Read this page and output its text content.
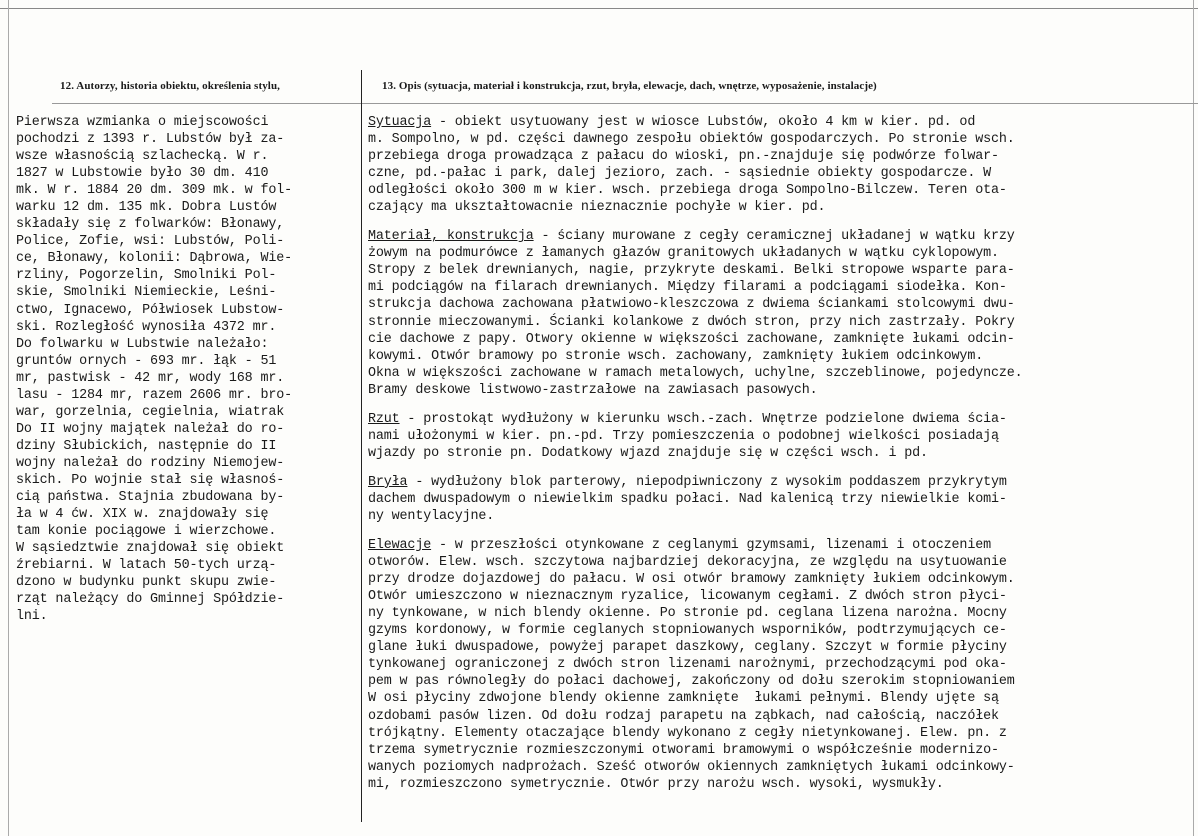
12. Autorzy, historia obiektu, określenia stylu,	13. Opis (sytuacja, materiał i konstrukcja, rzut, bryła, elewacje, dach, wnętrze, wyposażenie, instalacje)
Pierwsza wzmianka o miejscowości
pochodzi z 1393 r. Lubstów był za-
wsze własnością szlachecką. W r.
1827 w Lubstowie było 30 dm. 410
mk. W r. 1884 20 dm. 309 mk. w fol-
warku 12 dm. 135 mk. Dobra Lustów
składały się z folwarków: Błonawy,
Police, Zofie, wsi: Lubstów, Poli-
ce, Błonawy, kolonii: Dąbrowa, Wie-
rzliny, Pogorzelin, Smolniki Pol-
skie, Smolniki Niemieckie, Leśni-
ctwo, Ignacewo, Półwiosek Lubstow-
ski. Rozległość wynosiła 4372 mr.
Do folwarku w Lubstwie należało:
gruntów ornych - 693 mr. łąk - 51
mr, pastwisk - 42 mr, wody 168 mr.
lasu - 1284 mr, razem 2606 mr. bro-
war, gorzelnia, cegielnia, wiatrak
Do II wojny majątek należał do ro-
dziny Słubickich, następnie do II
wojny należał do rodziny Niemojew-
skich. Po wojnie stał się własnoś-
cią państwa. Stajnia zbudowana by-
ła w 4 ćw. XIX w. znajdowały się
tam konie pociągowe i wierzchowe.
W sąsiedztwie znajdował się obiekt
źrebiarni. W latach 50-tych urzą-
dzono w budynku punkt skupu zwie-
rząt należący do Gminnej Spółdzie-
lni.
Sytuacja - obiekt usytuowany jest w wiosce Lubstów, około 4 km w kier. pd. od
m. Sompolno, w pd. części dawnego zespołu obiektów gospodarczych. Po stronie wsch.
przebiega droga prowadząca z pałacu do wioski, pn.-znajduje się podwórze folwar-
czne, pd.-pałac i park, dalej jezioro, zach. - sąsiednie obiekty gospodarcze. W
odległości około 300 m w kier. wsch. przebiega droga Sompolno-Bilczew. Teren ota-
czający ma ukształtowacnie nieznacznie pochyłe w kier. pd.
Materiał, konstrukcja - ściany murowane z cegły ceramicznej układanej w wątku krzy
żowym na podmurówce z łamanych głazów granitowych układanych w wątku cyklopowym.
Stropy z belek drewnianych, nagie, przykryte deskami. Belki stropowe wsparte para-
mi podciągów na filarach drewnianych. Między filarami a podciągami siodełka. Kon-
strukcja dachowa zachowana płatwiowo-kleszczowa z dwiema ściankami stolcowymi dwu-
stronnie mieczowanymi. Ścianki kolankowe z dwóch stron, przy nich zastrzały. Pokry
cie dachowe z papy. Otwory okienne w większości zachowane, zamknięte łukami odcin-
kowymi. Otwór bramowy po stronie wsch. zachowany, zamknięty łukiem odcinkowym.
Okna w większości zachowane w ramach metalowych, uchylne, szczeblinowe, pojedyncze.
Bramy deskowe listwowo-zastrzałowe na zawiasach pasowych.
Rzut - prostokąt wydłużony w kierunku wsch.-zach. Wnętrze podzielone dwiema ścia-
nami ułożonymi w kier. pn.-pd. Trzy pomieszczenia o podobnej wielkości posiadają
wjazdy po stronie pn. Dodatkowy wjazd znajduje się w części wsch. i pd.
Bryła - wydłużony blok parterowy, niepodpiwniczony z wysokim poddaszem przykrytym
dachem dwuspadowym o niewielkim spadku połaci. Nad kalenicą trzy niewielkie komi-
ny wentylacyjne.
Elewacje - w przeszłości otynkowane z ceglanymi gzymsami, lizenami i otoczeniem
otworów. Elew. wsch. szczytowa najbardziej dekoracyjna, ze względu na usytuowanie
przy drodze dojazdowej do pałacu. W osi otwór bramowy zamknięty łukiem odcinkowym.
Otwór umieszczono w nieznacznym ryzalice, licowanym cegłami. Z dwóch stron płyci-
ny tynkowane, w nich blendy okienne. Po stronie pd. ceglana lizena narożna. Mocny
gzyms kordonowy, w formie ceglanych stopniowanych wsporników, podtrzymujących ce-
glane łuki dwuspadowe, powyżej parapet daszkowy, ceglany. Szczyt w formie płyciny
tynkowanej ograniczonej z dwóch stron lizenami narożnymi, przechodzącymi pod oka-
pem w pas równoległy do połaci dachowej, zakończony od dołu szerokim stopniowaniem
W osi płyciny zdwojone blendy okienne zamknięte  łukami pełnymi. Blendy ujęte są
ozdobami pasów lizen. Od dołu rodzaj parapetu na ząbkach, nad całością, naczółek
trójkątny. Elementy otaczające blendy wykonano z cegły nietynkowanej. Elew. pn. z
trzema symetrycznie rozmieszczonymi otworami bramowymi o współcześnie modernizo-
wanych poziomych nadprożach. Sześć otworów okiennych zamkniętych łukami odcinkowy-
mi, rozmieszczono symetrycznie. Otwór przy narożu wsch. wysoki, wysmukły.
